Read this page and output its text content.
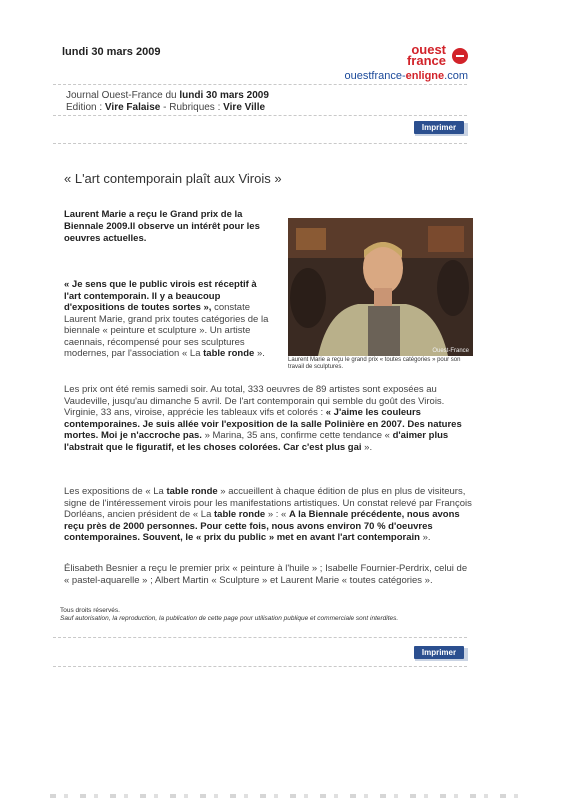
lundi 30 mars 2009	ouest
france
ouestfrance-enligne.com
Journal Ouest-France du lundi 30 mars 2009
Edition : Vire Falaise - Rubriques : Vire Ville
Imprimer
« L'art contemporain plaît aux Virois »
Laurent Marie a reçu le Grand prix de la Biennale 2009.Il observe un intérêt pour les oeuvres actuelles.
Ouest-France
Laurent Marie a reçu le grand prix « toutes catégories » pour son travail de sculptures.
« Je sens que le public virois est réceptif à l'art contemporain. Il y a beaucoup d'expositions de toutes sortes », constate Laurent Marie, grand prix toutes catégories de la biennale « peinture et sculpture ». Un artiste caennais, récompensé pour ses sculptures modernes, par l'association « La table ronde ».
Les prix ont été remis samedi soir. Au total, 333 oeuvres de 89 artistes sont exposées au Vaudeville, jusqu'au dimanche 5 avril. De l'art contemporain qui semble du goût des Virois. Virginie, 33 ans, viroise, apprécie les tableaux vifs et colorés : « J'aime les couleurs contemporaines. Je suis allée voir l'exposition de la salle Polinière en 2007. Des natures mortes. Moi je n'accroche pas. » Marina, 35 ans, confirme cette tendance « d'aimer plus l'abstrait que le figuratif, et les choses colorées. Car c'est plus gai ».
Les expositions de « La table ronde » accueillent à chaque édition de plus en plus de visiteurs, signe de l'intéressement virois pour les manifestations artistiques. Un constat relevé par François Dorléans, ancien président de « La table ronde » : « A la Biennale précédente, nous avons reçu près de 2000 personnes. Pour cette fois, nous avons environ 70 % d'oeuvres contemporaines. Souvent, le « prix du public » met en avant l'art contemporain ».
Élisabeth Besnier a reçu le premier prix « peinture à l'huile » ; Isabelle Fournier-Perdrix, celui de « pastel-aquarelle » ; Albert Martin « Sculpture » et Laurent Marie « toutes catégories ».
Tous droits réservés.
Sauf autorisation, la reproduction, la publication de cette page pour utilisation publique et commerciale sont interdites.
Imprimer
